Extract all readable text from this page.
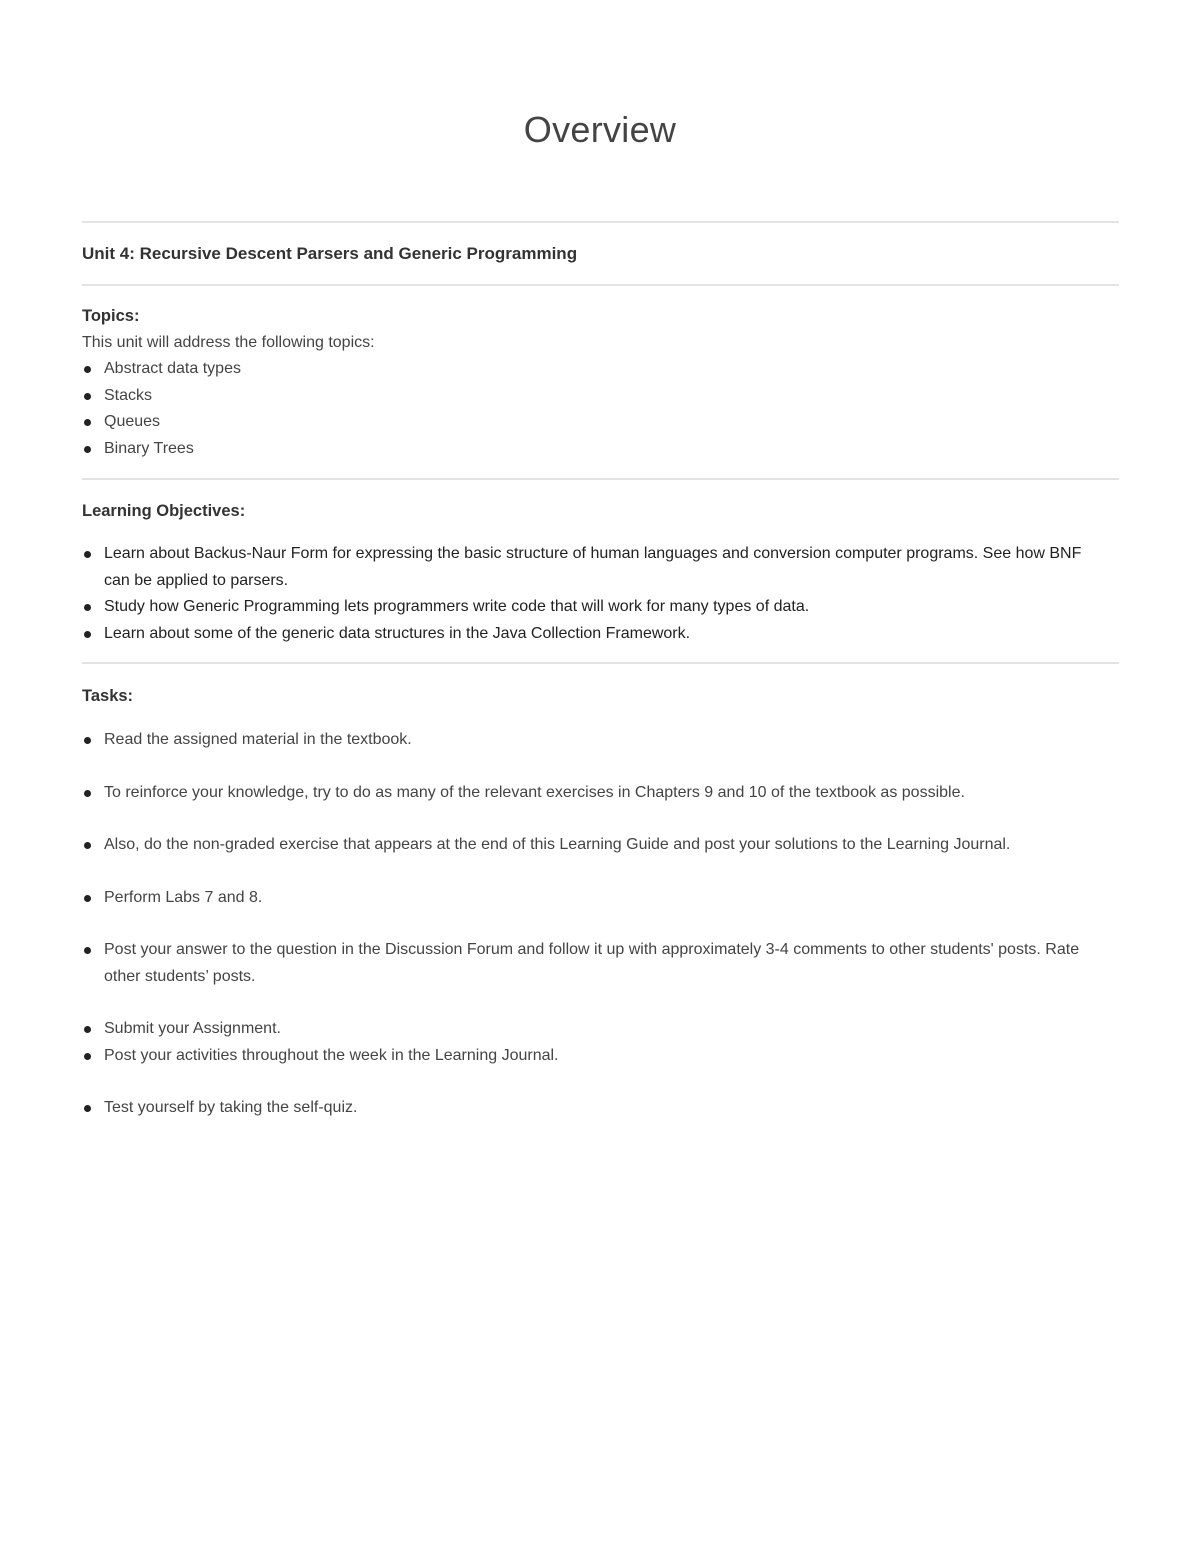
Overview
Unit 4: Recursive Descent Parsers and Generic Programming
Topics:
This unit will address the following topics:
Abstract data types
Stacks
Queues
Binary Trees
Learning Objectives:
Learn about Backus-Naur Form for expressing the basic structure of human languages and conversion computer programs. See how BNF can be applied to parsers.
Study how Generic Programming lets programmers write code that will work for many types of data.
Learn about some of the generic data structures in the Java Collection Framework.
Tasks:
Read the assigned material in the textbook.
To reinforce your knowledge, try to do as many of the relevant exercises in Chapters 9 and 10 of the textbook as possible.
Also, do the non-graded exercise that appears at the end of this Learning Guide and post your solutions to the Learning Journal.
Perform Labs 7 and 8.
Post your answer to the question in the Discussion Forum and follow it up with approximately 3-4 comments to other students' posts. Rate other students’ posts.
Submit your Assignment.
Post your activities throughout the week in the Learning Journal.
Test yourself by taking the self-quiz.
